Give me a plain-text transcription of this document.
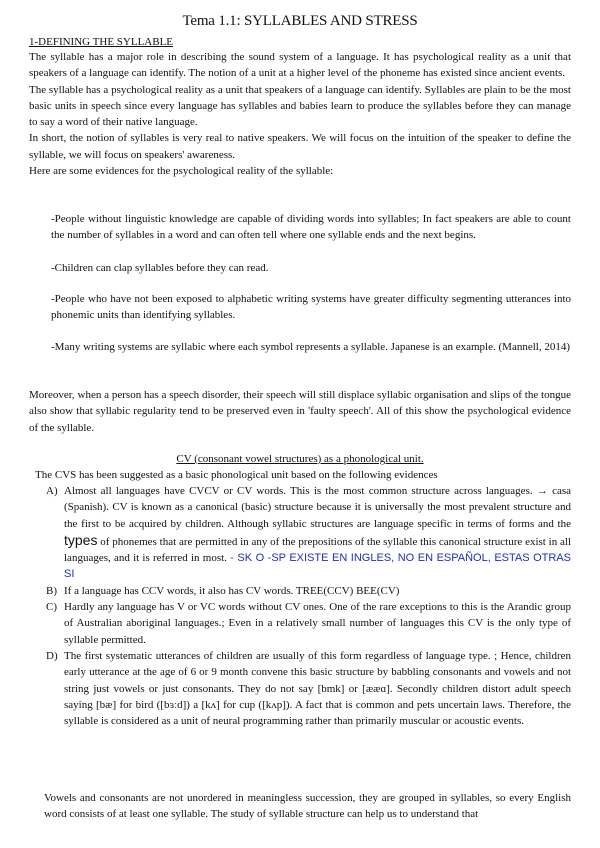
Tema 1.1: SYLLABLES AND STRESS
1-DEFINING THE SYLLABLE

The syllable has a major role in describing the sound system of a language. It has psychological reality as a unit that speakers of a language can identify. The notion of a unit at a higher level of the phoneme has existed since ancient events.

The syllable has a psychological reality as a unit that speakers of a language can identify. Syllables are plain to be the most basic units in speech since every language has syllables and babies learn to produce the syllables before they can manage to say a word of their native language.

In short, the notion of syllables is very real to native speakers. We will focus on the intuition of the speaker to define the syllable, we will focus on speakers' awareness.

Here are some evidences for the psychological reality of the syllable:

-People without linguistic knowledge are capable of dividing words into syllables; In fact speakers are able to count the number of syllables in a word and can often tell where one syllable ends and the next begins.

-Children can clap syllables before they can read.

-People who have not been exposed to alphabetic writing systems have greater difficulty segmenting utterances into phonemic units than identifying syllables.

-Many writing systems are syllabic where each symbol represents a syllable. Japanese is an example. (Mannell, 2014)

Moreover, when a person has a speech disorder, their speech will still displace syllabic organisation and slips of the tongue also show that syllabic regularity tend to be preserved even in 'faulty speech'. All of this show the psychological evidence of the syllable.
CV (consonant vowel structures) as a phonological unit.
The CVS has been suggested as a basic phonological unit based on the following evidences
A) Almost all languages have CVCV or CV words. This is the most common structure across languages. → casa (Spanish). CV is known as a canonical (basic) structure because it is universally the most prevalent structure and the first to be acquired by children. Although syllabic structures are language specific in terms of forms and the types of phonemes that are permitted in any of the prepositions of the syllable this canonical structure exist in all languages, and it is referred in most. - SK O -SP EXISTE EN INGLES, NO EN ESPAÑOL, ESTAS OTRAS SI
B) If a language has CCV words, it also has CV words. TREE(CCV) BEE(CV)
C) Hardly any language has V or VC words without CV ones. One of the rare exceptions to this is the Arandic group of Australian aboriginal languages.; Even in a relatively small number of languages this CV is the only type of syllable permitted.
D) The first systematic utterances of children are usually of this form regardless of language type. ; Hence, children early utterance at the age of 6 or 9 month convene this basic structure by babbling consonants and vowels and not string just vowels or just consonants. They do not say [bmk] or [ææɑ]. Secondly children distort adult speech saying [bæ] for bird ([bɜːd]) a [kʌ] for cup ([kʌp]). A fact that is common and pets uncertain laws. Therefore, the syllable is considered as a unit of neural programming rather than primarily muscular or acoustic events.
Vowels and consonants are not unordered in meaningless succession, they are grouped in syllables, so every English word consists of at least one syllable. The study of syllable structure can help us to understand that
